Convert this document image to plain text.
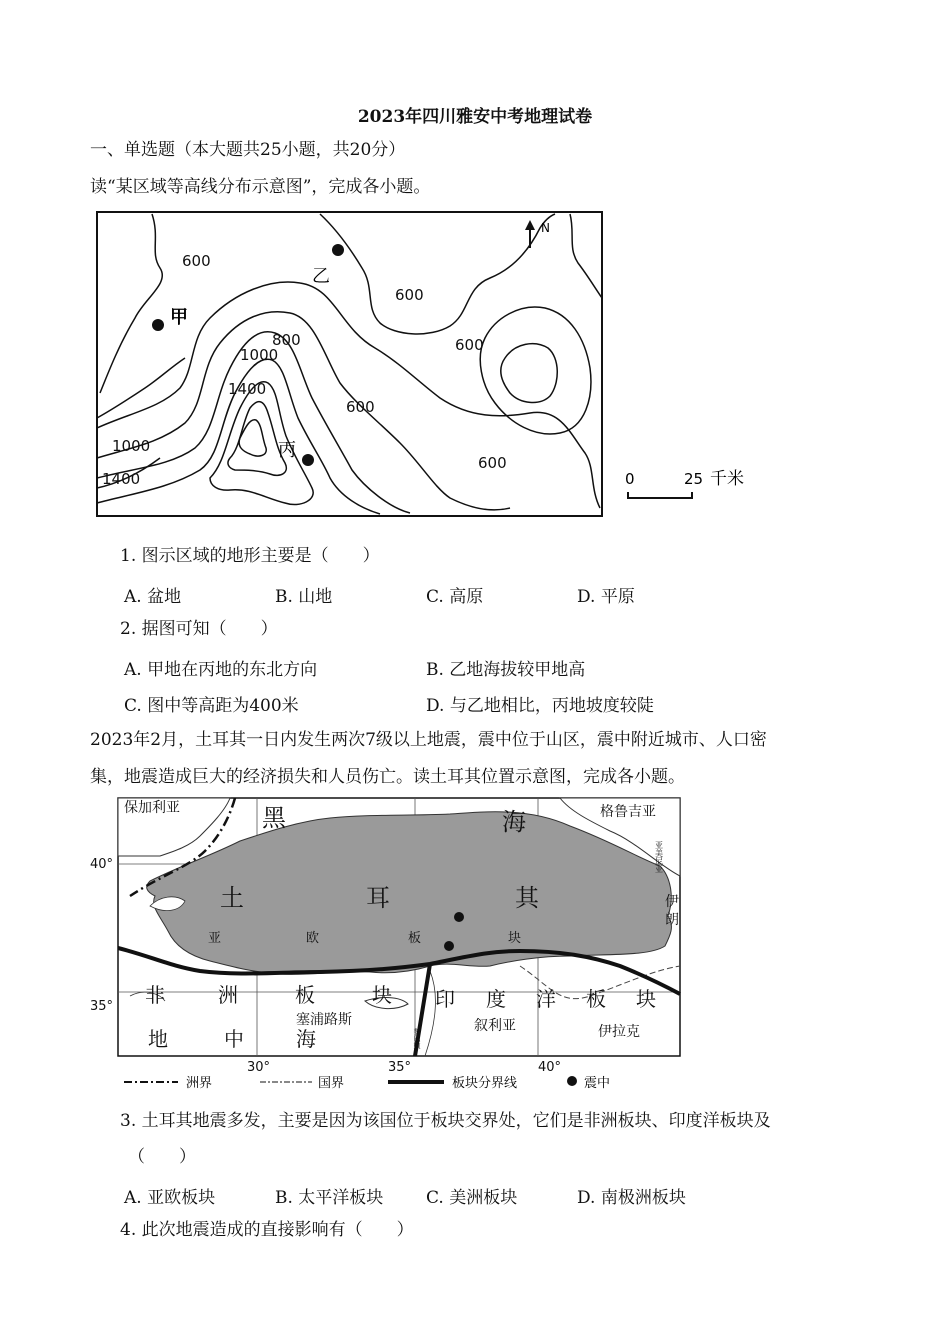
2023年四川雅安中考地理试卷
一、单选题（本大题共25小题，共20分）
读“某区域等高线分布示意图”，完成各小题。
甲
乙
丙
600
600
600
600
600
800
1000
1000
1400
1400
N
0	25 千米
1. 图示区域的地形主要是（　　）
A. 盆地	B. 山地	C. 高原	D. 平原
2. 据图可知（　　）
A. 甲地在丙地的东北方向	B. 乙地海拔较甲地高
C. 图中等高距为400米	D. 与乙地相比，丙地坡度较陡
2023年2月，土耳其一日内发生两次7级以上地震，震中位于山区，震中附近城市、人口密
集，地震造成巨大的经济损失和人员伤亡。读土耳其位置示意图，完成各小题。
保加利亚	格鲁吉亚
40°
35°
30°	35°	40°
黑	海
土	耳	其
亚	欧	板	块
亚美尼亚
伊
朗
黎巴嫩
非	洲	板	块 印 度 洋 板 块
地	中	海
塞浦路斯	叙利亚	伊拉克
洲界	国界	板块分界线	震中
3. 土耳其地震多发，主要是因为该国位于板块交界处，它们是非洲板块、印度洋板块及
（　　）
A. 亚欧板块	B. 太平洋板块	C. 美洲板块	D. 南极洲板块
4. 此次地震造成的直接影响有（　　）
